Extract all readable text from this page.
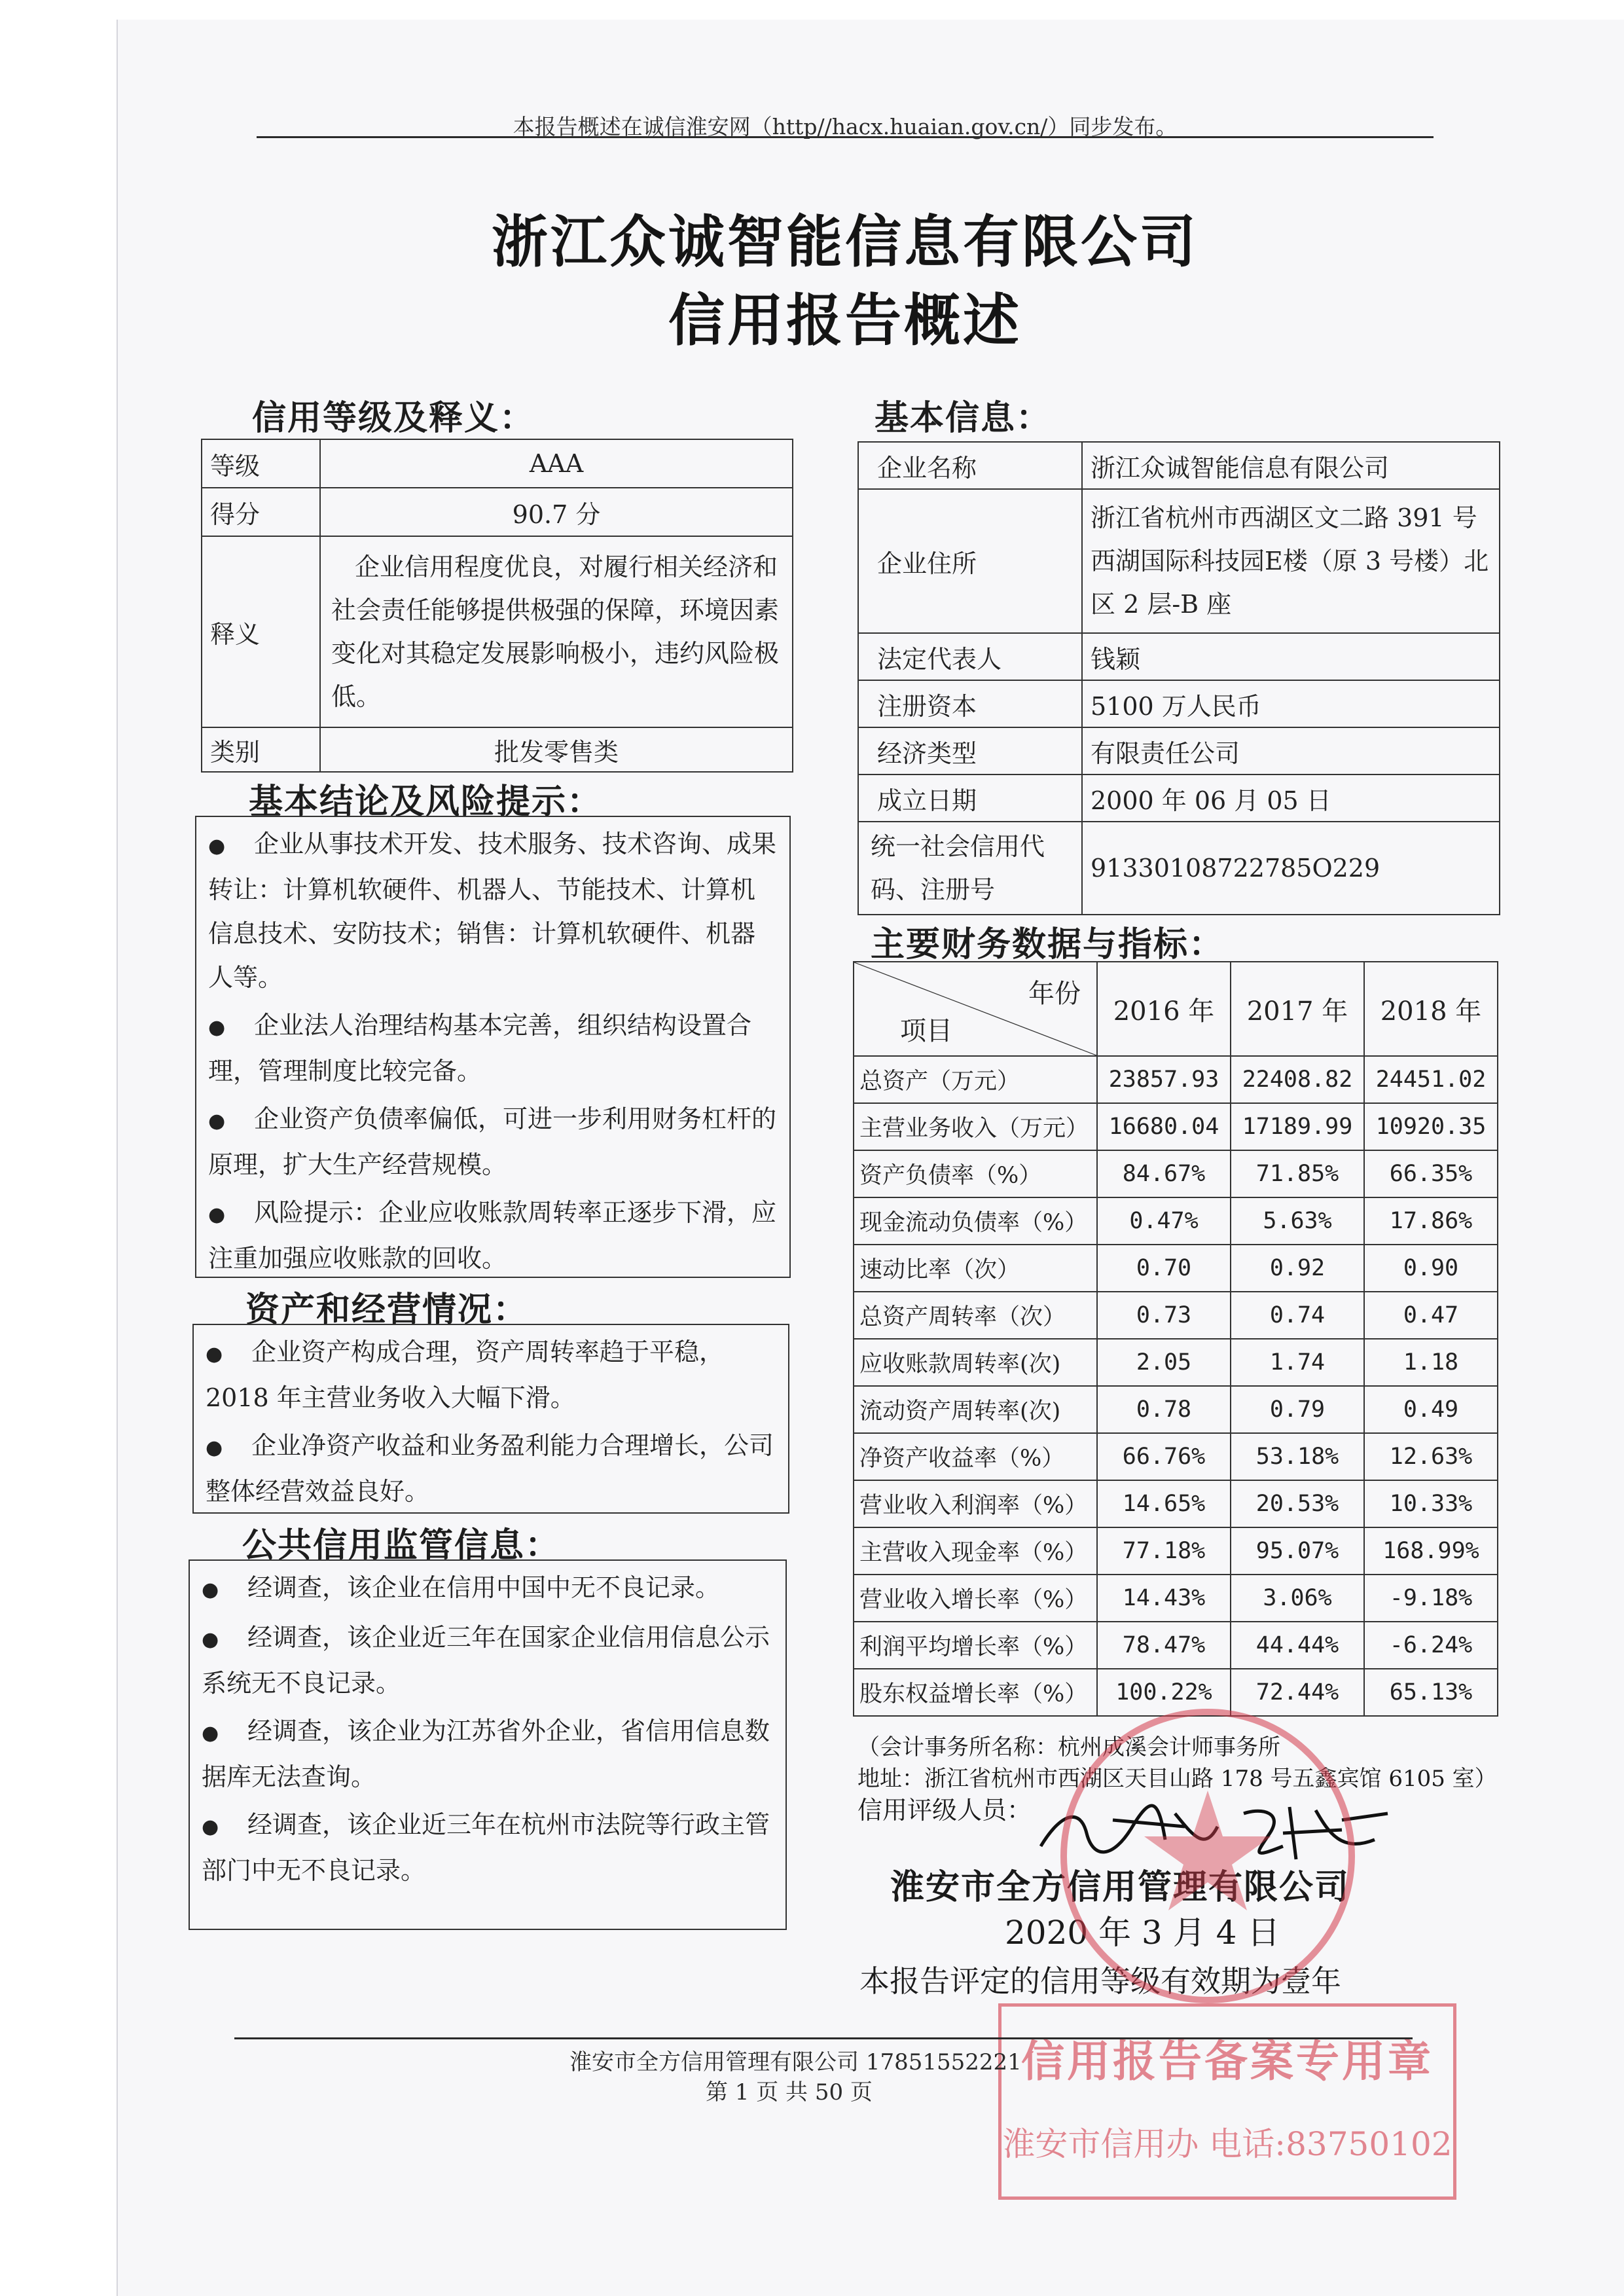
本报告概述在诚信淮安网（http//hacx.huaian.gov.cn/）同步发布。
浙江众诚智能信息有限公司
信用报告概述
信用等级及释义：
等级	AAA
得分	90.7 分
释义	企业信用程度优良，对履行相关经济和社会责任能够提供极强的保障，环境因素变化对其稳定发展影响极小，违约风险极低。
类别	批发零售类
基本结论及风险提示：

● 企业从事技术开发、技术服务、技术咨询、成果转让：计算机软硬件、机器人、节能技术、计算机信息技术、安防技术；销售：计算机软硬件、机器人等。

● 企业法人治理结构基本完善，组织结构设置合理，管理制度比较完备。

● 企业资产负债率偏低，可进一步利用财务杠杆的原理，扩大生产经营规模。

● 风险提示：企业应收账款周转率正逐步下滑，应注重加强应收账款的回收。

资产和经营情况：

● 企业资产构成合理，资产周转率趋于平稳，2018 年主营业务收入大幅下滑。

● 企业净资产收益和业务盈利能力合理增长，公司整体经营效益良好。

公共信用监管信息：

● 经调查，该企业在信用中国中无不良记录。

● 经调查，该企业近三年在国家企业信用信息公示系统无不良记录。

● 经调查，该企业为江苏省外企业，省信用信息数据库无法查询。

● 经调查，该企业近三年在杭州市法院等行政主管部门中无不良记录。

基本信息：
企业名称	浙江众诚智能信息有限公司
企业住所	浙江省杭州市西湖区文二路 391 号西湖国际科技园E楼（原 3 号楼）北区 2 层-B 座
法定代表人	钱颖
注册资本	5100 万人民币
经济类型	有限责任公司
成立日期	2000 年 06 月 05 日
统一社会信用代码、注册号	91330108722785O229
主要财务数据与指标：
年份
项目	2016 年	2017 年	2018 年
总资产（万元）	23857.93	22408.82	24451.02
主营业务收入（万元）	16680.04	17189.99	10920.35
资产负债率（%）	84.67%	71.85%	66.35%
现金流动负债率（%）	0.47%	5.63%	17.86%
速动比率（次）	0.70	0.92	0.90
总资产周转率（次）	0.73	0.74	0.47
应收账款周转率(次)	2.05	1.74	1.18
流动资产周转率(次)	0.78	0.79	0.49
净资产收益率（%）	66.76%	53.18%	12.63%
营业收入利润率（%）	14.65%	20.53%	10.33%
主营收入现金率（%）	77.18%	95.07%	168.99%
营业收入增长率（%）	14.43%	3.06%	-9.18%
利润平均增长率（%）	78.47%	44.44%	-6.24%
股东权益增长率（%）	100.22%	72.44%	65.13%
（会计事务所名称：杭州成溪会计师事务所
地址：浙江省杭州市西湖区天目山路 178 号五鑫宾馆 6105 室）
信用评级人员：
淮安市全方信用管理有限公司
2020 年 3 月 4 日
本报告评定的信用等级有效期为壹年
信用报告备案专用章
淮安市信用办 电话:83750102
淮安市全方信用管理有限公司 17851552221
第 1 页 共 50 页
